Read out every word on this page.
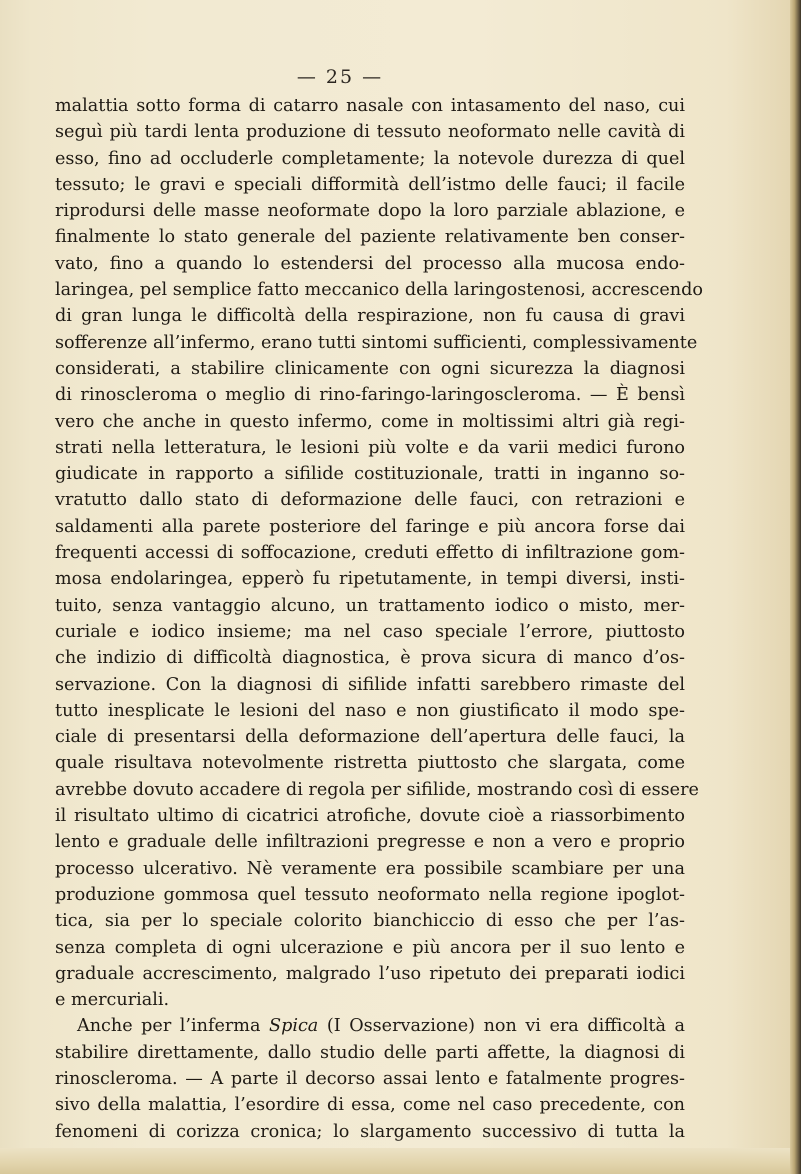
— 25 —
malattia sotto forma di catarro nasale con intasamento del naso, cui
seguì più tardi lenta produzione di tessuto neoformato nelle cavità di
esso, fino ad occluderle completamente; la notevole durezza di quel
tessuto; le gravi e speciali difformità dell’istmo delle fauci; il facile
riprodursi delle masse neoformate dopo la loro parziale ablazione, e
finalmente lo stato generale del paziente relativamente ben conser-
vato, fino a quando lo estendersi del processo alla mucosa endo-
laringea, pel semplice fatto meccanico della laringostenosi, accrescendo
di gran lunga le difficoltà della respirazione, non fu causa di gravi
sofferenze all’infermo, erano tutti sintomi sufficienti, complessivamente
considerati, a stabilire clinicamente con ogni sicurezza la diagnosi
di rinoscleroma o meglio di rino-faringo-laringoscleroma. — È bensì
vero che anche in questo infermo, come in moltissimi altri già regi-
strati nella letteratura, le lesioni più volte e da varii medici furono
giudicate in rapporto a sifilide costituzionale, tratti in inganno so-
vratutto dallo stato di deformazione delle fauci, con retrazioni e
saldamenti alla parete posteriore del faringe e più ancora forse dai
frequenti accessi di soffocazione, creduti effetto di infiltrazione gom-
mosa endolaringea, epperò fu ripetutamente, in tempi diversi, insti-
tuito, senza vantaggio alcuno, un trattamento iodico o misto, mer-
curiale e iodico insieme; ma nel caso speciale l’errore, piuttosto
che indizio di difficoltà diagnostica, è prova sicura di manco d’os-
servazione. Con la diagnosi di sifilide infatti sarebbero rimaste del
tutto inesplicate le lesioni del naso e non giustificato il modo spe-
ciale di presentarsi della deformazione dell’apertura delle fauci, la
quale risultava notevolmente ristretta piuttosto che slargata, come
avrebbe dovuto accadere di regola per sifilide, mostrando così di essere
il risultato ultimo di cicatrici atrofiche, dovute cioè a riassorbimento
lento e graduale delle infiltrazioni pregresse e non a vero e proprio
processo ulcerativo. Nè veramente era possibile scambiare per una
produzione gommosa quel tessuto neoformato nella regione ipoglot-
tica, sia per lo speciale colorito bianchiccio di esso che per l’as-
senza completa di ogni ulcerazione e più ancora per il suo lento e
graduale accrescimento, malgrado l’uso ripetuto dei preparati iodici
e mercuriali.
Anche per l’inferma Spica (I Osservazione) non vi era difficoltà a
stabilire direttamente, dallo studio delle parti affette, la diagnosi di
rinoscleroma. — A parte il decorso assai lento e fatalmente progres-
sivo della malattia, l’esordire di essa, come nel caso precedente, con
fenomeni di corizza cronica; lo slargamento successivo di tutta la
